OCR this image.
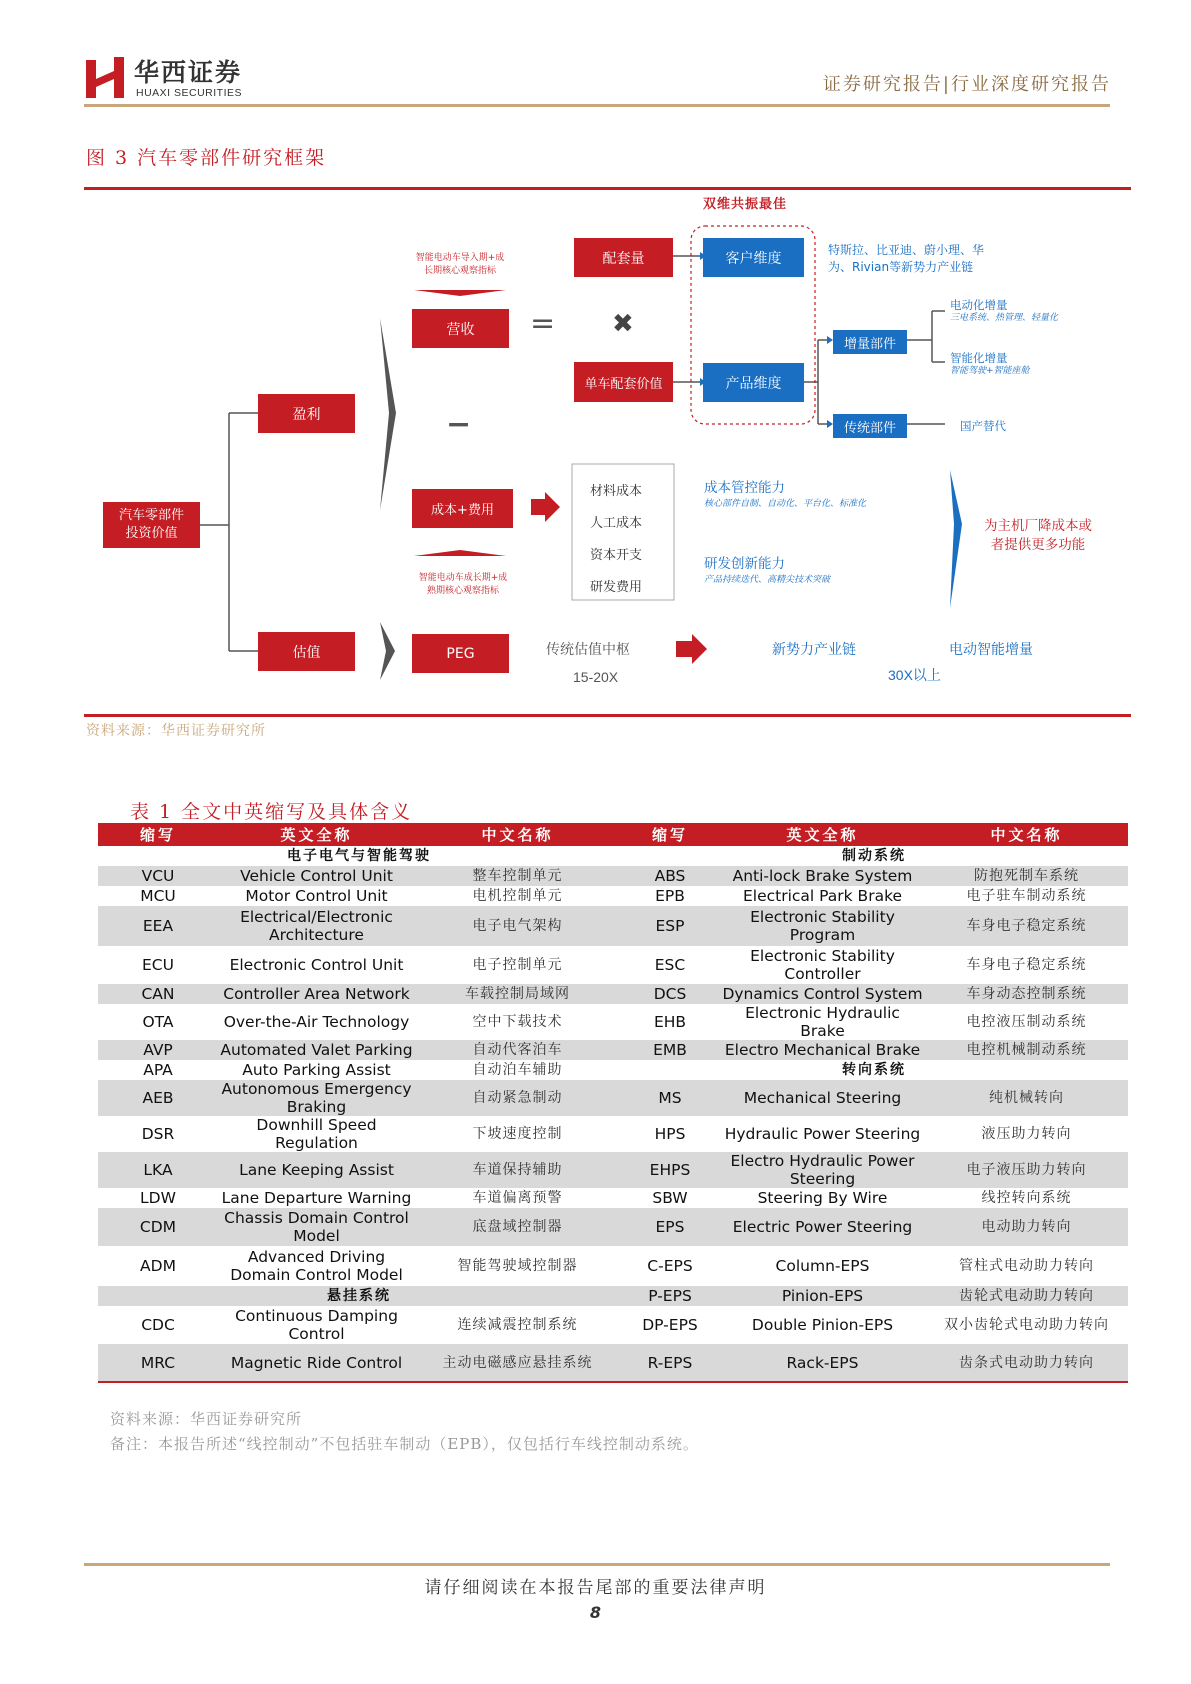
华西证券
HUAXI SECURITIES	证券研究报告|行业深度研究报告
图 3 汽车零部件研究框架
汽车零部件
投资价值
盈利
估值
智能电动车导入期+成
长期核心观察指标
营收	= ✖
−
成本+费用
智能电动车成长期+成
熟期核心观察指标
PEG
配套量
单车配套价值
双维共振最佳
客户维度
产品维度
特斯拉、比亚迪、蔚小理、华
为、Rivian等新势力产业链
增量部件
传统部件
电动化增量
三电系统、热管理、轻量化
智能化增量
智能驾驶+智能座舱
国产替代
材料成本
人工成本
资本开支
研发费用
成本管控能力
核心部件自制、自动化、平台化、标准化
研发创新能力
产品持续迭代、高精尖技术突破
为主机厂降成本或
者提供更多功能
传统估值中枢
15-20X
新势力产业链	电动智能增量
30X以上
资料来源：华西证券研究所
表 1 全文中英缩写及具体含义
缩写	英文全称	中文名称	缩写	英文全称	中文名称
电子电气与智能驾驶			制动系统		
VCU	Vehicle Control Unit	整车控制单元	ABS	Anti-lock Brake System	防抱死制车系统
MCU	Motor Control Unit	电机控制单元	EPB	Electrical Park Brake	电子驻车制动系统
EEA	Electrical/Electronic Architecture	电子电气架构	ESP	Electronic Stability Program	车身电子稳定系统
ECU	Electronic Control Unit	电子控制单元	ESC	Electronic Stability Controller	车身电子稳定系统
CAN	Controller Area Network	车载控制局域网	DCS	Dynamics Control System	车身动态控制系统
OTA	Over-the-Air Technology	空中下载技术	EHB	Electronic Hydraulic Brake	电控液压制动系统
AVP	Automated Valet Parking	自动代客泊车	EMB	Electro Mechanical Brake	电控机械制动系统
APA	Auto Parking Assist	自动泊车辅助	转向系统		
AEB	Autonomous Emergency Braking	自动紧急制动	MS	Mechanical Steering	纯机械转向
DSR	Downhill Speed Regulation	下坡速度控制	HPS	Hydraulic Power Steering	液压助力转向
LKA	Lane Keeping Assist	车道保持辅助	EHPS	Electro Hydraulic Power Steering	电子液压助力转向
LDW	Lane Departure Warning	车道偏离预警	SBW	Steering By Wire	线控转向系统
CDM	Chassis Domain Control Model	底盘域控制器	EPS	Electric Power Steering	电动助力转向
ADM	Advanced Driving Domain Control Model	智能驾驶域控制器	C-EPS	Column-EPS	管柱式电动助力转向
悬挂系统			P-EPS	Pinion-EPS	齿轮式电动助力转向
CDC	Continuous Damping Control	连续减震控制系统	DP-EPS	Double Pinion-EPS	双小齿轮式电动助力转向
MRC	Magnetic Ride Control	主动电磁感应悬挂系统	R-EPS	Rack-EPS	齿条式电动助力转向
资料来源：华西证券研究所
备注：本报告所述“线控制动”不包括驻车制动（EPB），仅包括行车线控制动系统。
请仔细阅读在本报告尾部的重要法律声明
8
